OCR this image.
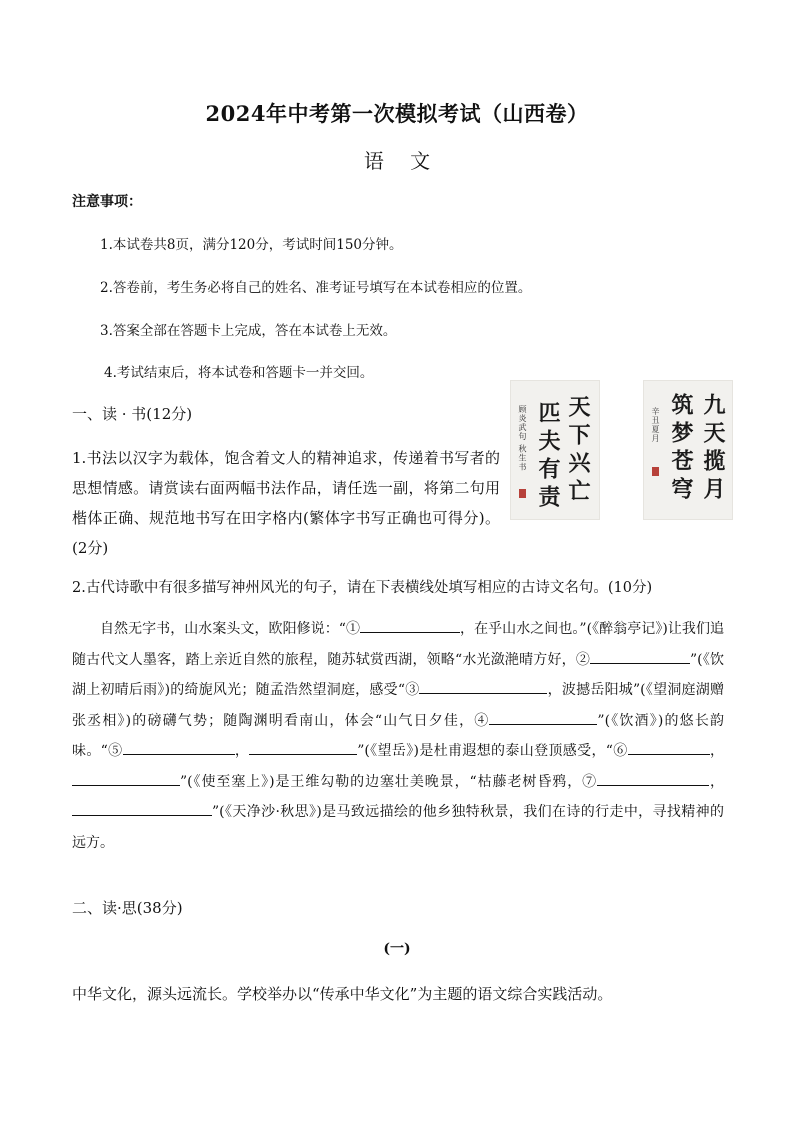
2024年中考第一次模拟考试（山西卷）
语 文
注意事项：
1.本试卷共8页，满分120分，考试时间150分钟。
2.答卷前，考生务必将自己的姓名、准考证号填写在本试卷相应的位置。
3.答案全部在答题卡上完成，答在本试卷上无效。
4.考试结束后，将本试卷和答题卡一并交回。
一、读 · 书(12分)
1.书法以汉字为载体，饱含着文人的精神追求，传递着书写者的思想情感。请赏读右面两幅书法作品，请任选一副，将第二句用楷体正确、规范地书写在田字格内(繁体字书写正确也可得分)。(2分)
天下兴亡
匹夫有责
顾炎武句 秋生书	九天揽月
筑梦苍穹
辛丑夏月
2.古代诗歌中有很多描写神州风光的句子，请在下表横线处填写相应的古诗文名句。(10分)
自然无字书，山水案头文，欧阳修说：“①	，在乎山水之间也。”(《醉翁亭记》)让我们追随古代文人墨客，踏上亲近自然的旅程，随苏轼赏西湖，领略“水光潋滟晴方好，②	”(《饮湖上初晴后雨》)的绮旎风光；随孟浩然望洞庭，感受“③	，波撼岳阳城”(《望洞庭湖赠张丞相》)的磅礴气势；随陶渊明看南山，体会“山气日夕佳，④	”(《饮酒》)的悠长韵味。“⑤	，	”(《望岳》)是杜甫遐想的泰山登顶感受，“⑥	，”(《使至塞上》)是王维勾勒的边塞壮美晚景，“枯藤老树昏鸦，⑦	，”(《天净沙·秋思》)是马致远描绘的他乡独特秋景，我们在诗的行走中，寻找精神的远方。
二、读·思(38分)
(一)
中华文化，源头远流长。学校举办以“传承中华文化”为主题的语文综合实践活动。
